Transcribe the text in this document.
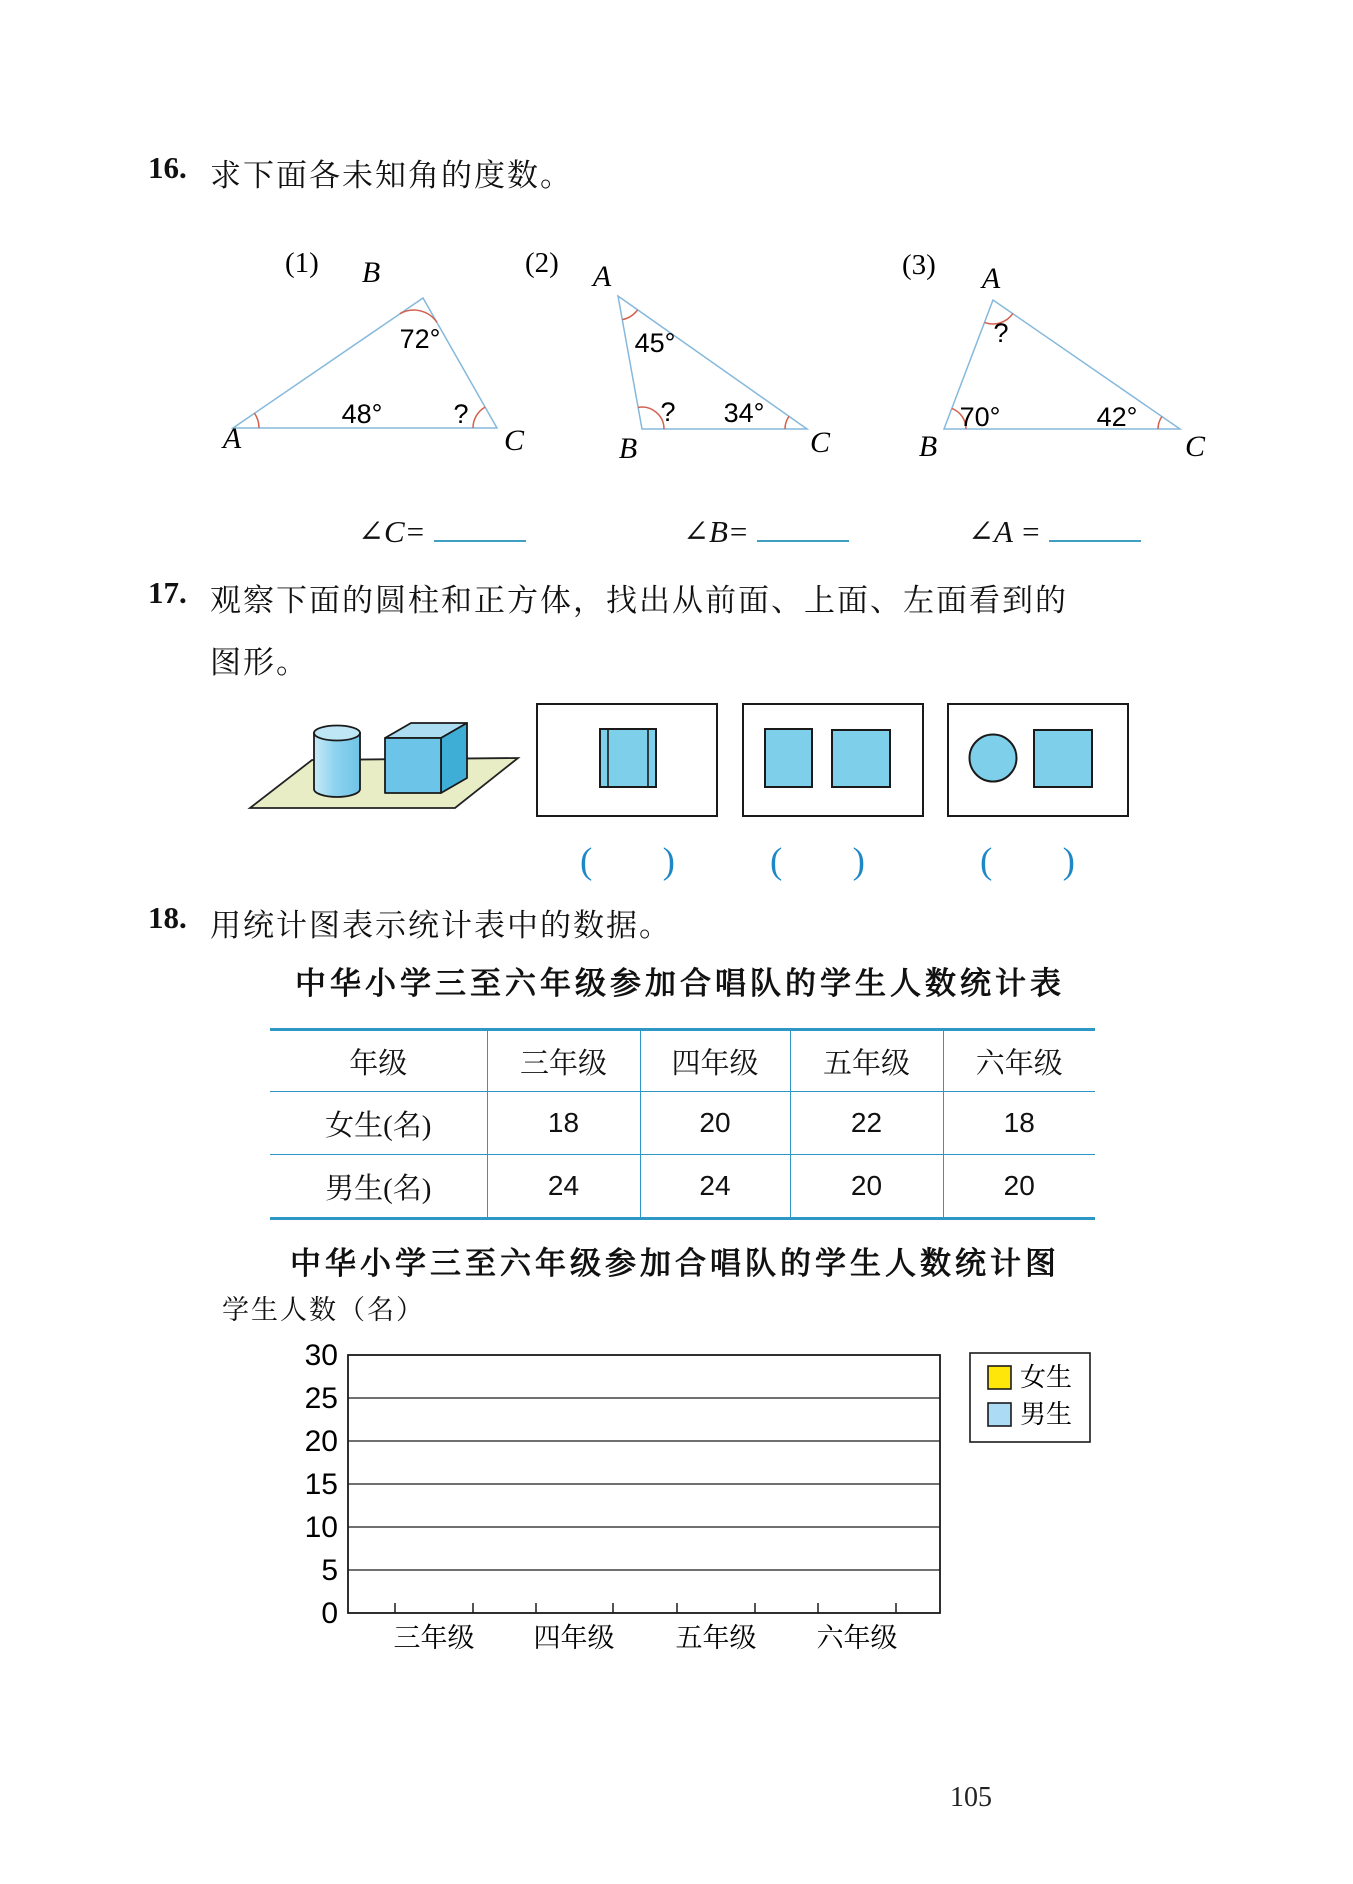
16. 求下面各未知角的度数。
(1) B
A	C
72°
48°	?
(2) A
B	C
45°
? 34°
(3) A
B	C
?
70°	42°
∠C=	∠B=	∠A =
17. 观察下面的圆柱和正方体，找出从前面、上面、左面看到的
图形。
( )	( )	( )
18. 用统计图表示统计表中的数据。
中华小学三至六年级参加合唱队的学生人数统计表
年级	三年级	四年级	五年级	六年级
女生(名)	18	20	22	18
男生(名)	24	24	20	20
中华小学三至六年级参加合唱队的学生人数统计图
学生人数（名）
30
25
20
15
10
5
0
三年级 四年级 五年级 六年级
女生
男生
105
